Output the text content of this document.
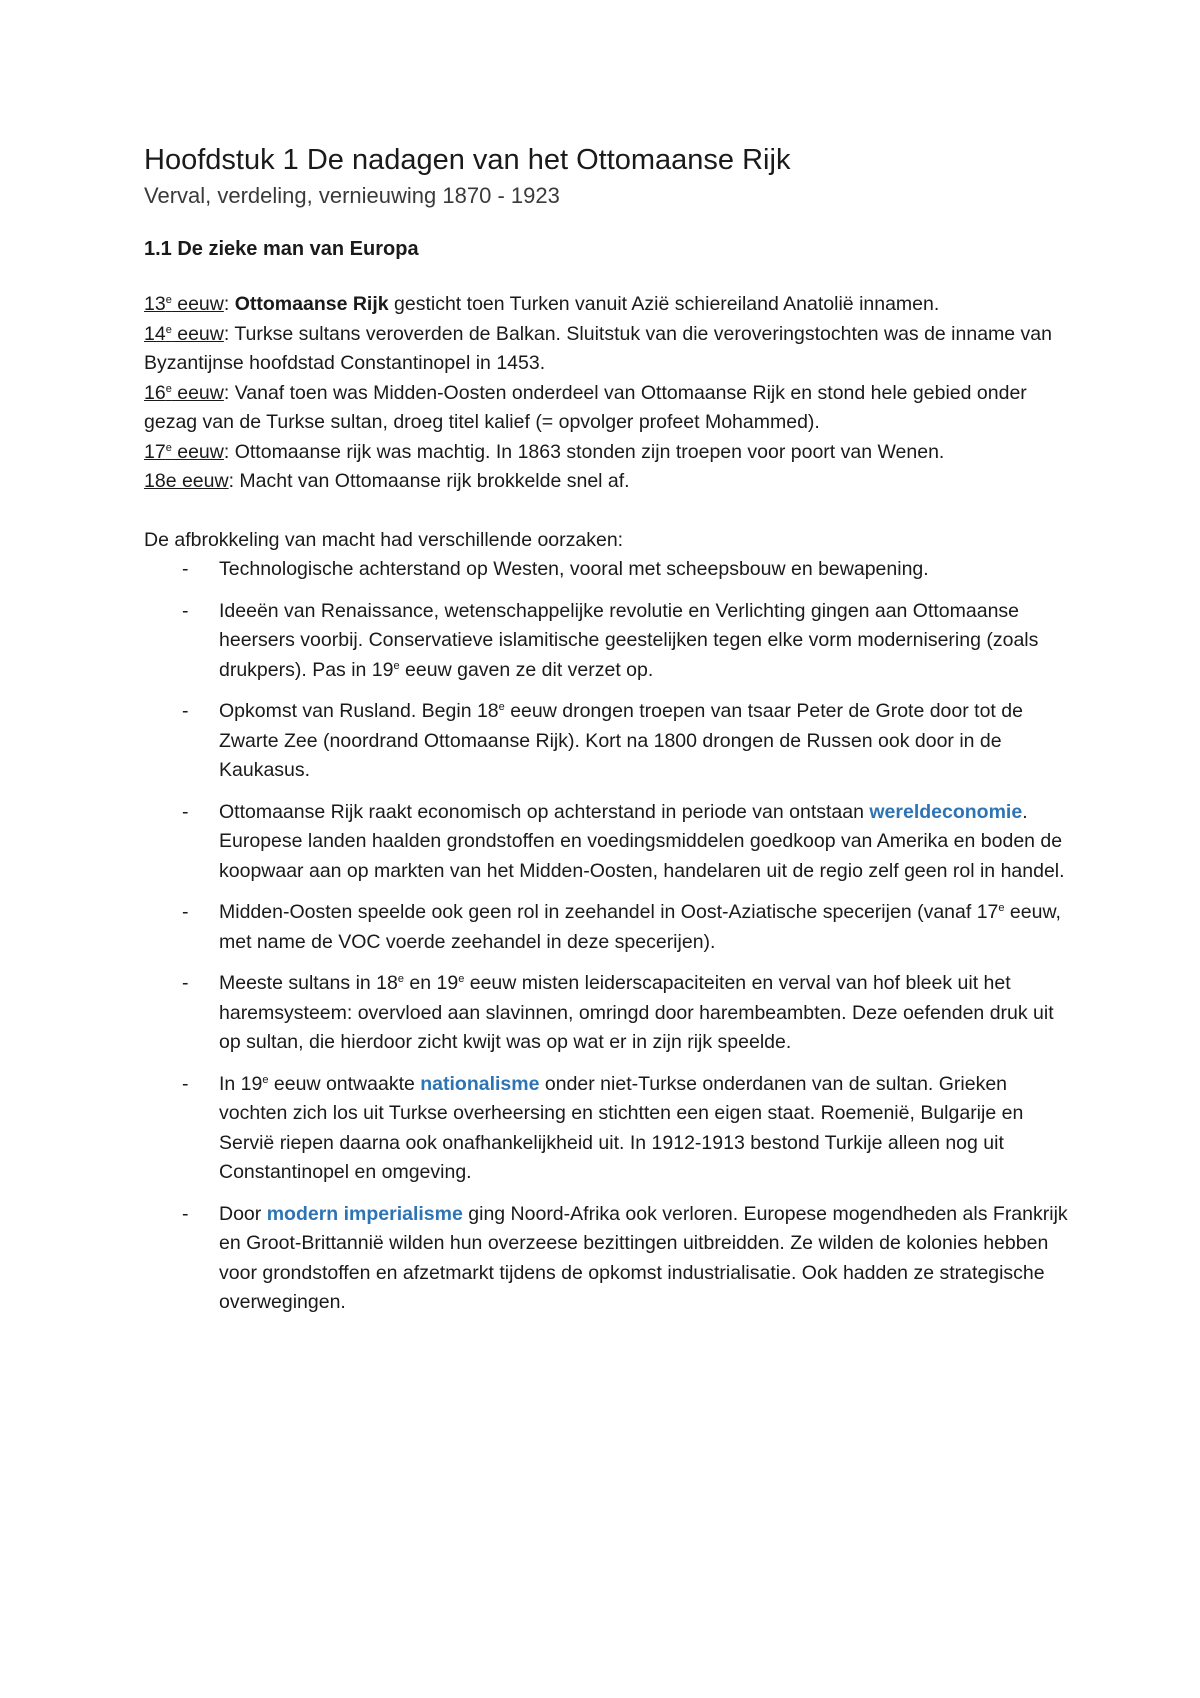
Hoofdstuk 1 De nadagen van het Ottomaanse Rijk
Verval, verdeling, vernieuwing 1870 - 1923
1.1 De zieke man van Europa

13e eeuw: Ottomaanse Rijk gesticht toen Turken vanuit Azië schiereiland Anatolië innamen.

14e eeuw: Turkse sultans veroverden de Balkan. Sluitstuk van die veroveringstochten was de inname van Byzantijnse hoofdstad Constantinopel in 1453.

16e eeuw: Vanaf toen was Midden-Oosten onderdeel van Ottomaanse Rijk en stond hele gebied onder gezag van de Turkse sultan, droeg titel kalief (= opvolger profeet Mohammed).

17e eeuw: Ottomaanse rijk was machtig. In 1863 stonden zijn troepen voor poort van Wenen.

18e eeuw: Macht van Ottomaanse rijk brokkelde snel af.

De afbrokkeling van macht had verschillende oorzaken:
- Technologische achterstand op Westen, vooral met scheepsbouw en bewapening.
- Ideeën van Renaissance, wetenschappelijke revolutie en Verlichting gingen aan Ottomaanse heersers voorbij. Conservatieve islamitische geestelijken tegen elke vorm modernisering (zoals drukpers). Pas in 19e eeuw gaven ze dit verzet op.
- Opkomst van Rusland. Begin 18e eeuw drongen troepen van tsaar Peter de Grote door tot de Zwarte Zee (noordrand Ottomaanse Rijk). Kort na 1800 drongen de Russen ook door in de Kaukasus.
- Ottomaanse Rijk raakt economisch op achterstand in periode van ontstaan wereldeconomie. Europese landen haalden grondstoffen en voedingsmiddelen goedkoop van Amerika en boden de koopwaar aan op markten van het Midden-Oosten, handelaren uit de regio zelf geen rol in handel.
- Midden-Oosten speelde ook geen rol in zeehandel in Oost-Aziatische specerijen (vanaf 17e eeuw, met name de VOC voerde zeehandel in deze specerijen).
- Meeste sultans in 18e en 19e eeuw misten leiderscapaciteiten en verval van hof bleek uit het haremsysteem: overvloed aan slavinnen, omringd door harembeambten. Deze oefenden druk uit op sultan, die hierdoor zicht kwijt was op wat er in zijn rijk speelde.
- In 19e eeuw ontwaakte nationalisme onder niet-Turkse onderdanen van de sultan. Grieken vochten zich los uit Turkse overheersing en stichtten een eigen staat. Roemenië, Bulgarije en Servië riepen daarna ook onafhankelijkheid uit. In 1912-1913 bestond Turkije alleen nog uit Constantinopel en omgeving.
- Door modern imperialisme ging Noord-Afrika ook verloren. Europese mogendheden als Frankrijk en Groot-Brittannië wilden hun overzeese bezittingen uitbreidden. Ze wilden de kolonies hebben voor grondstoffen en afzetmarkt tijdens de opkomst industrialisatie. Ook hadden ze strategische overwegingen.
